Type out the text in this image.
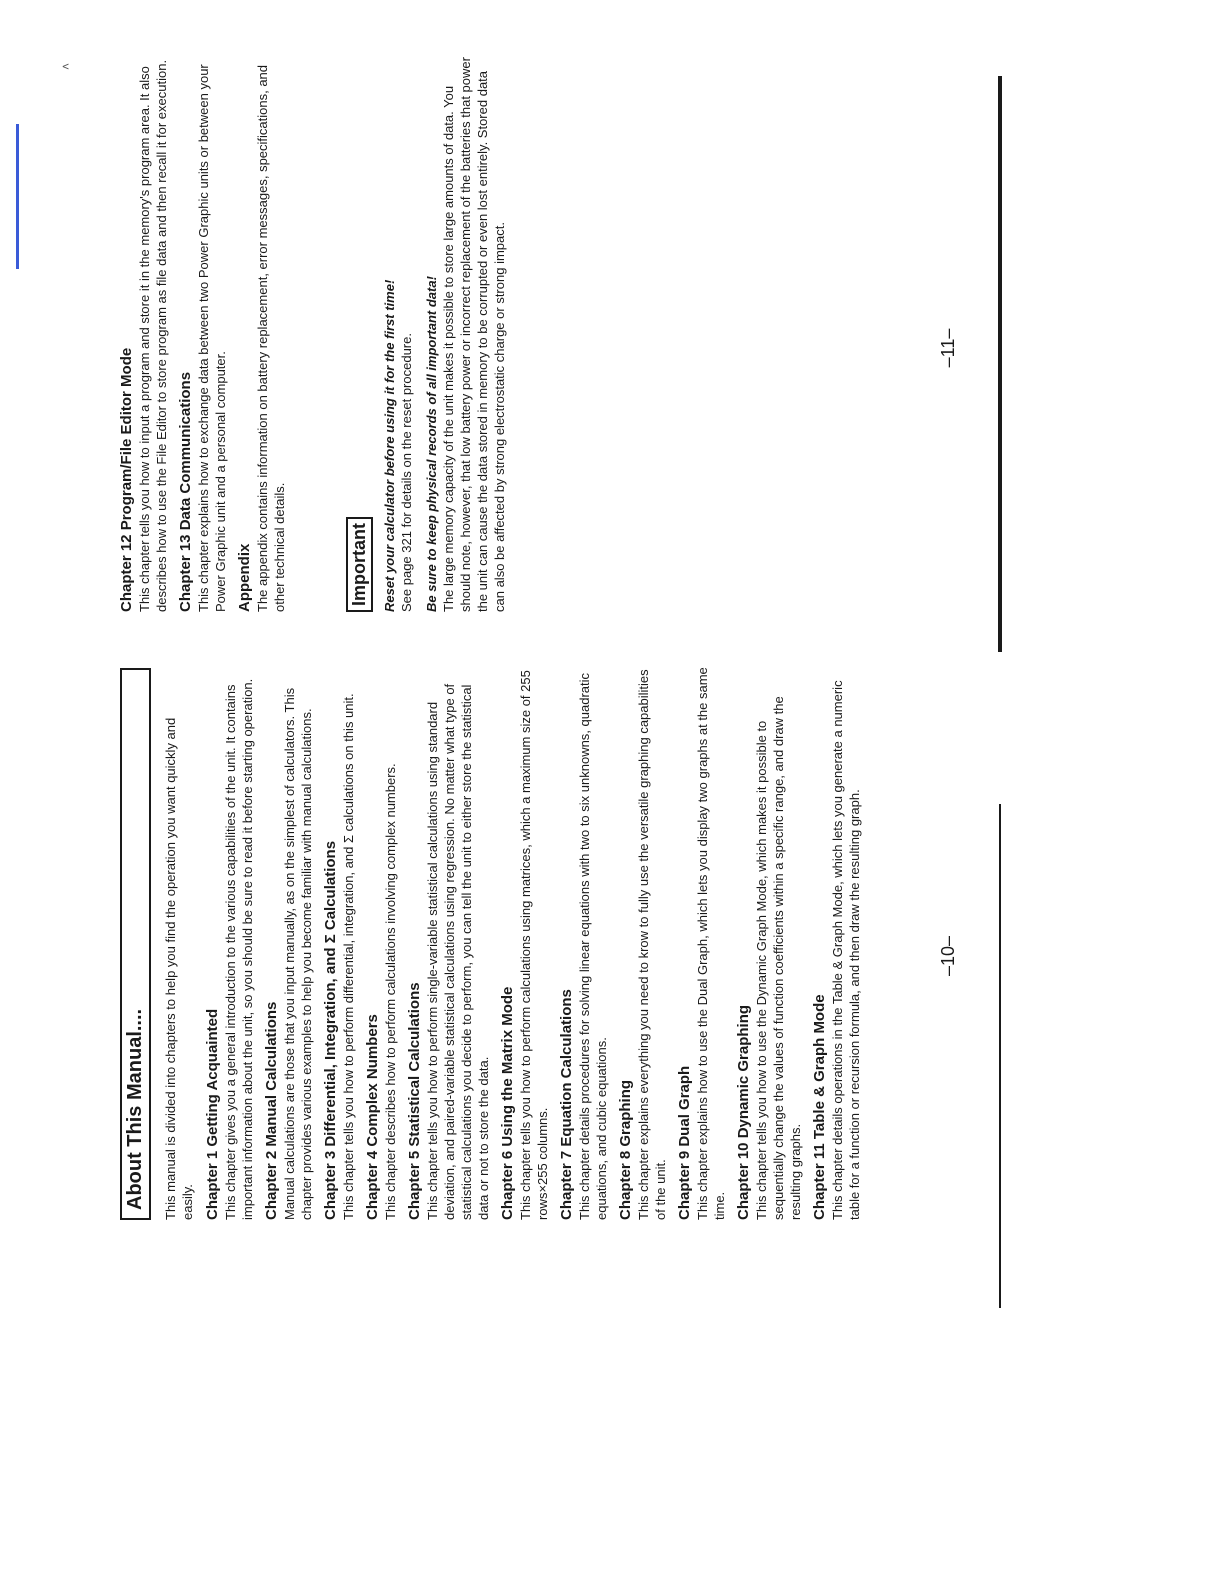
˄
About This Manual....	This manual is divided into chapters to help you find the operation you want quickly and easily. Chapter 1 Getting Acquainted This chapter gives you a general introduction to the various capabilities of the unit. It contains important information about the unit, so you should be sure to read it before starting operation. Chapter 2 Manual Calculations Manual calculations are those that you input manually, as on the simplest of calculators. This chapter provides various examples to help you become familiar with manual calculations. Chapter 3 Differential, Integration, and Σ Calculations This chapter tells you how to perform differential, integration, and Σ calculations on this unit. Chapter 4 Complex Numbers This chapter describes how to perform calculations involving complex numbers. Chapter 5 Statistical Calculations This chapter tells you how to perform single-variable statistical calculations using standard deviation, and paired-variable statistical calculations using regression. No matter what type of statistical calculations you decide to perform, you can tell the unit to either store the statistical data or not to store the data. Chapter 6 Using the Matrix Mode This chapter tells you how to perform calculations using matrices, which a maximum size of 255 rows×255 columns. Chapter 7 Equation Calculations This chapter details procedures for solving linear equations with two to six unknowns, quadratic equations, and cubic equations. Chapter 8 Graphing This chapter explains everything you need to krow to fully use the versatile graphing capabilities of the unit. Chapter 9 Dual Graph This chapter explains how to use the Dual Graph, which lets you display two graphs at the same time. Chapter 10 Dynamic Graphing This chapter tells you how to use the Dynamic Graph Mode, which makes it possible to sequentially change the values of function coefficients within a specific range, and draw the resulting graphs. Chapter 11 Table & Graph Mode This chapter details operations in the Table & Graph Mode, which lets you generate a numeric table for a function or recursion formula, and then draw the resulting graph.	–10–
Chapter 12 Program/File Editor Mode This chapter tells you how to input a program and store it in the memory's program area. It also describes how to use the File Editor to store program as file data and then recall it for execution. Chapter 13 Data Communications This chapter explains how to exchange data between two Power Graphic units or between your Power Graphic unit and a personal computer. Appendix The appendix contains information on battery replacement, error messages, specifications, and other technical details.	Important Reset your calculator before using it for the first time! See page 321 for details on the reset procedure. Be sure to keep physical records of all important data! The large memory capacity of the unit makes it possible to store large amounts of data. You should note, however, that low battery power or incorrect replacement of the batteries that power the unit can cause the data stored in memory to be corrupted or even lost entirely. Stored data can also be affected by strong electrostatic charge or strong impact.	–11–
